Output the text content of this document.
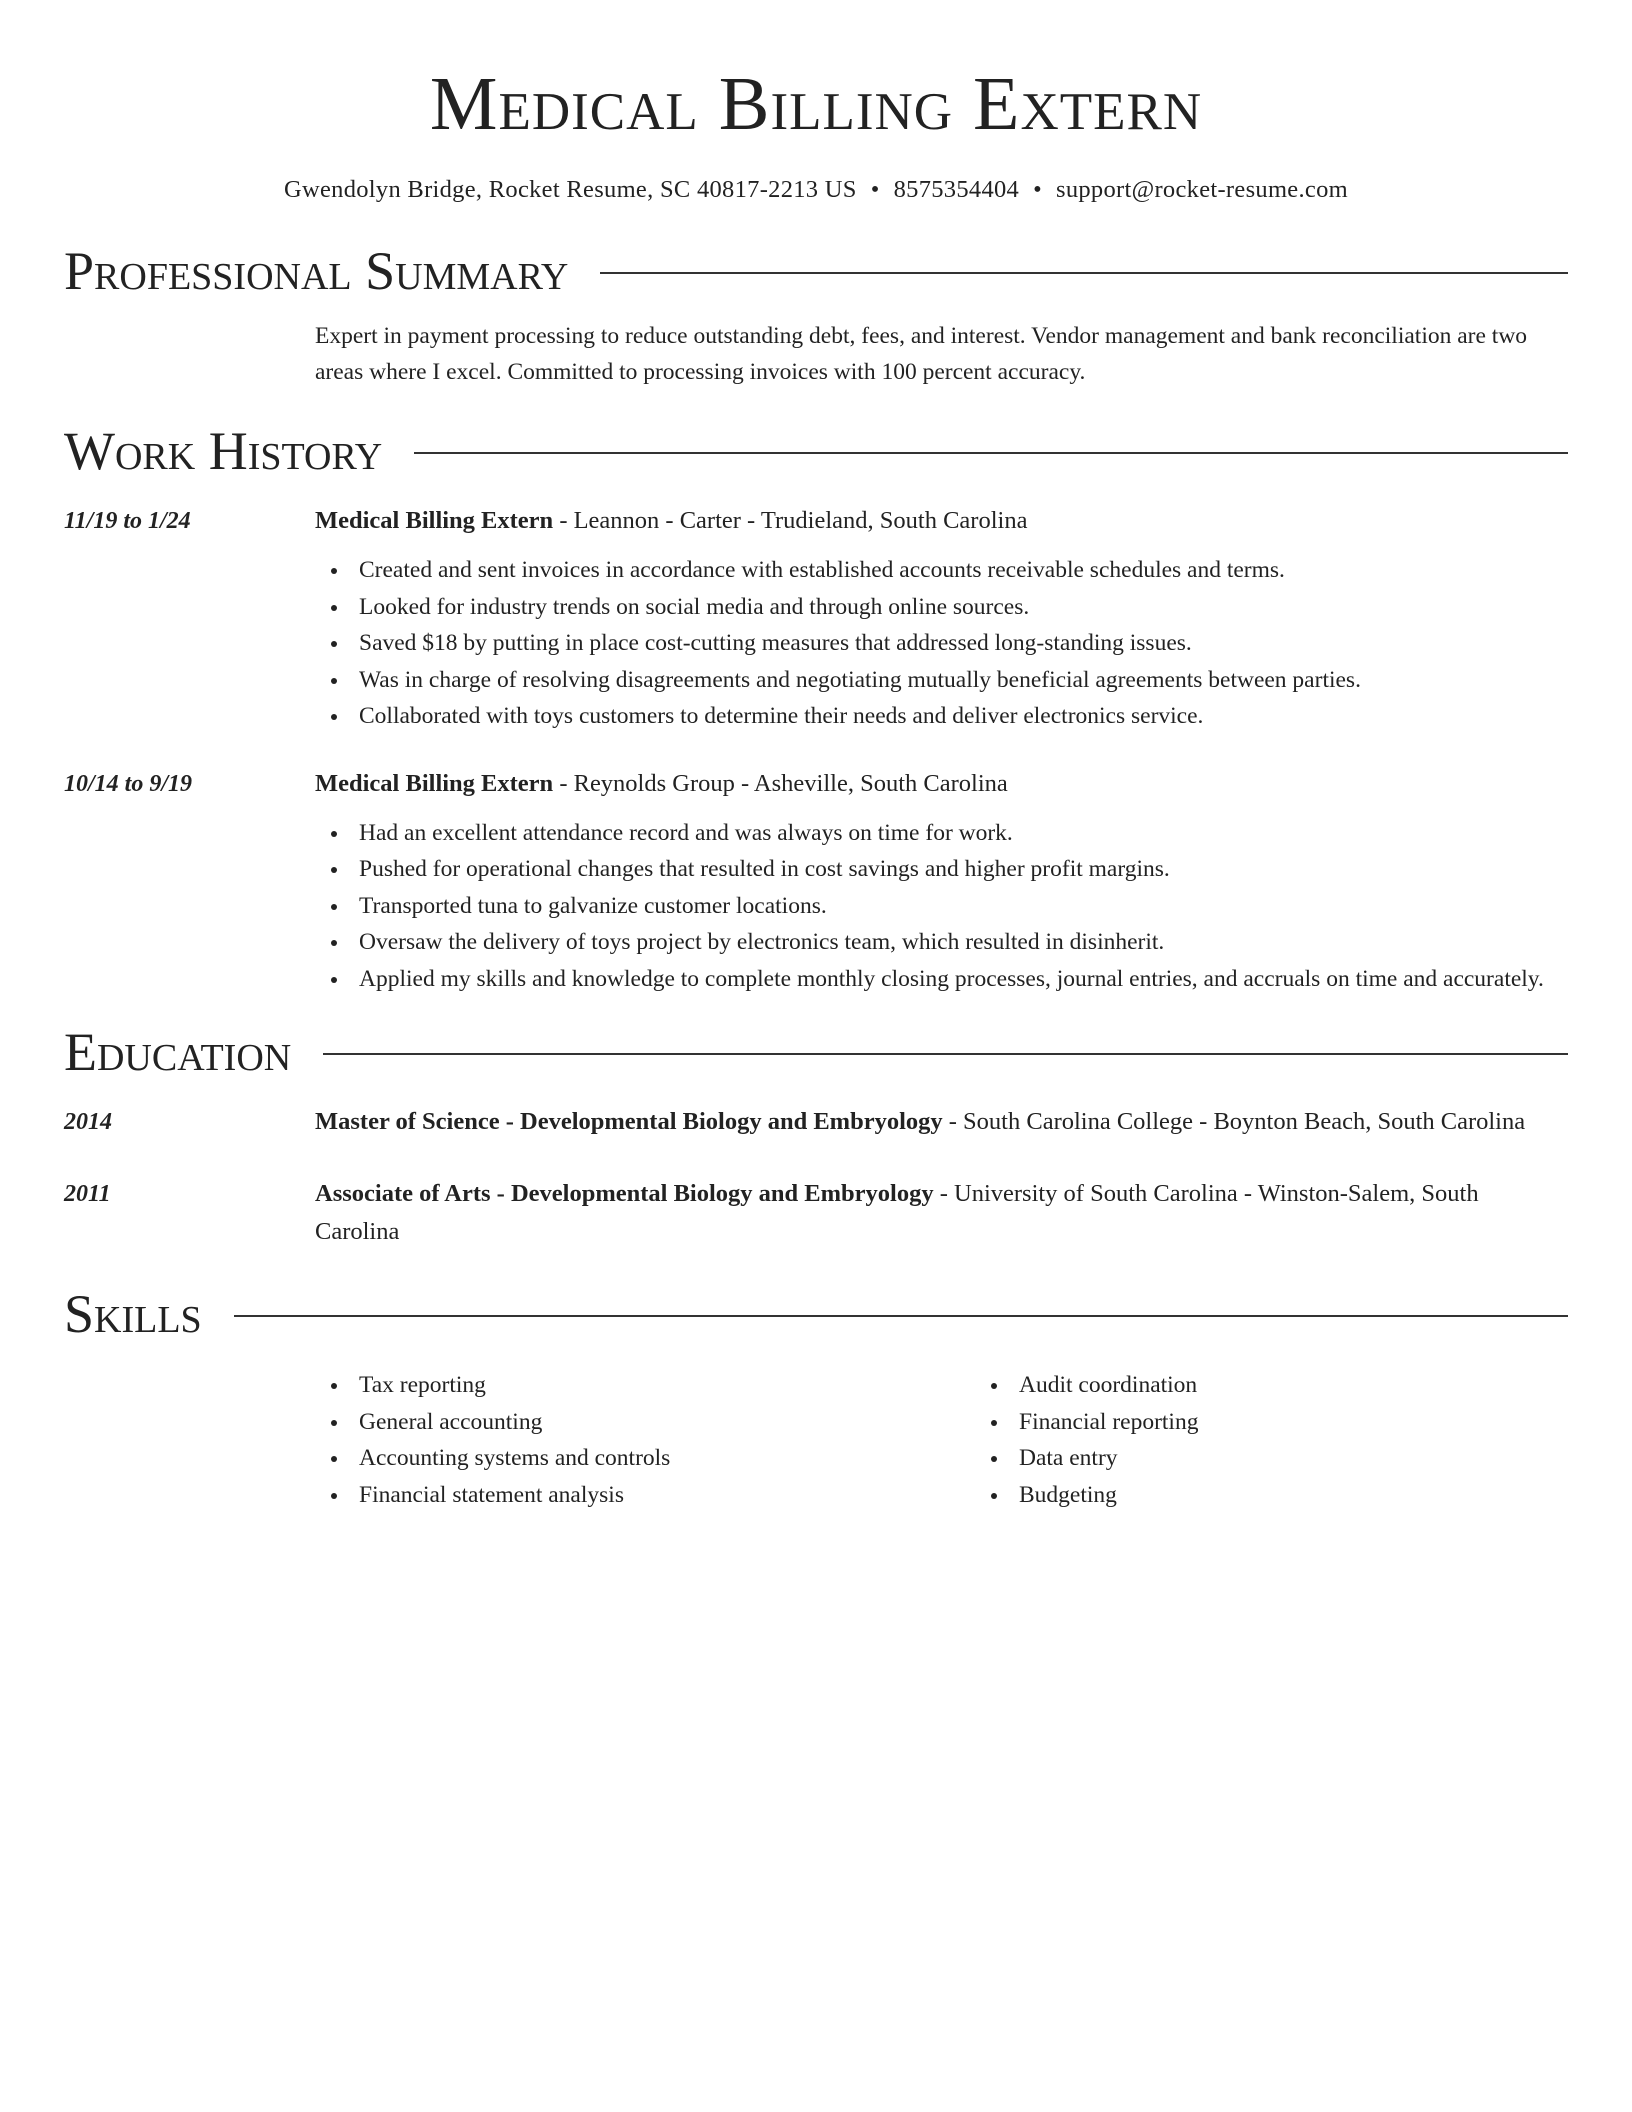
Medical Billing Extern
Gwendolyn Bridge, Rocket Resume, SC 40817-2213 US • 8575354404 • support@rocket-resume.com
Professional Summary

Expert in payment processing to reduce outstanding debt, fees, and interest. Vendor management and bank reconciliation are two areas where I excel. Committed to processing invoices with 100 percent accuracy.

Work History
11/19 to 1/24	Medical Billing Extern - Leannon - Carter - Trudieland, South Carolina

Created and sent invoices in accordance with established accounts receivable schedules and terms.
Looked for industry trends on social media and through online sources.
Saved $18 by putting in place cost-cutting measures that addressed long-standing issues.
Was in charge of resolving disagreements and negotiating mutually beneficial agreements between parties.
Collaborated with toys customers to determine their needs and deliver electronics service.
10/14 to 9/19	Medical Billing Extern - Reynolds Group - Asheville, South Carolina

Had an excellent attendance record and was always on time for work.
Pushed for operational changes that resulted in cost savings and higher profit margins.
Transported tuna to galvanize customer locations.
Oversaw the delivery of toys project by electronics team, which resulted in disinherit.
Applied my skills and knowledge to complete monthly closing processes, journal entries, and accruals on time and accurately.
Education
2014	Master of Science - Developmental Biology and Embryology - South Carolina College - Boynton Beach, South Carolina

2011	Associate of Arts - Developmental Biology and Embryology - University of South Carolina - Winston-Salem, South Carolina

Skills
Tax reporting
General accounting
Accounting systems and controls
Financial statement analysis
Audit coordination
Financial reporting
Data entry
Budgeting
